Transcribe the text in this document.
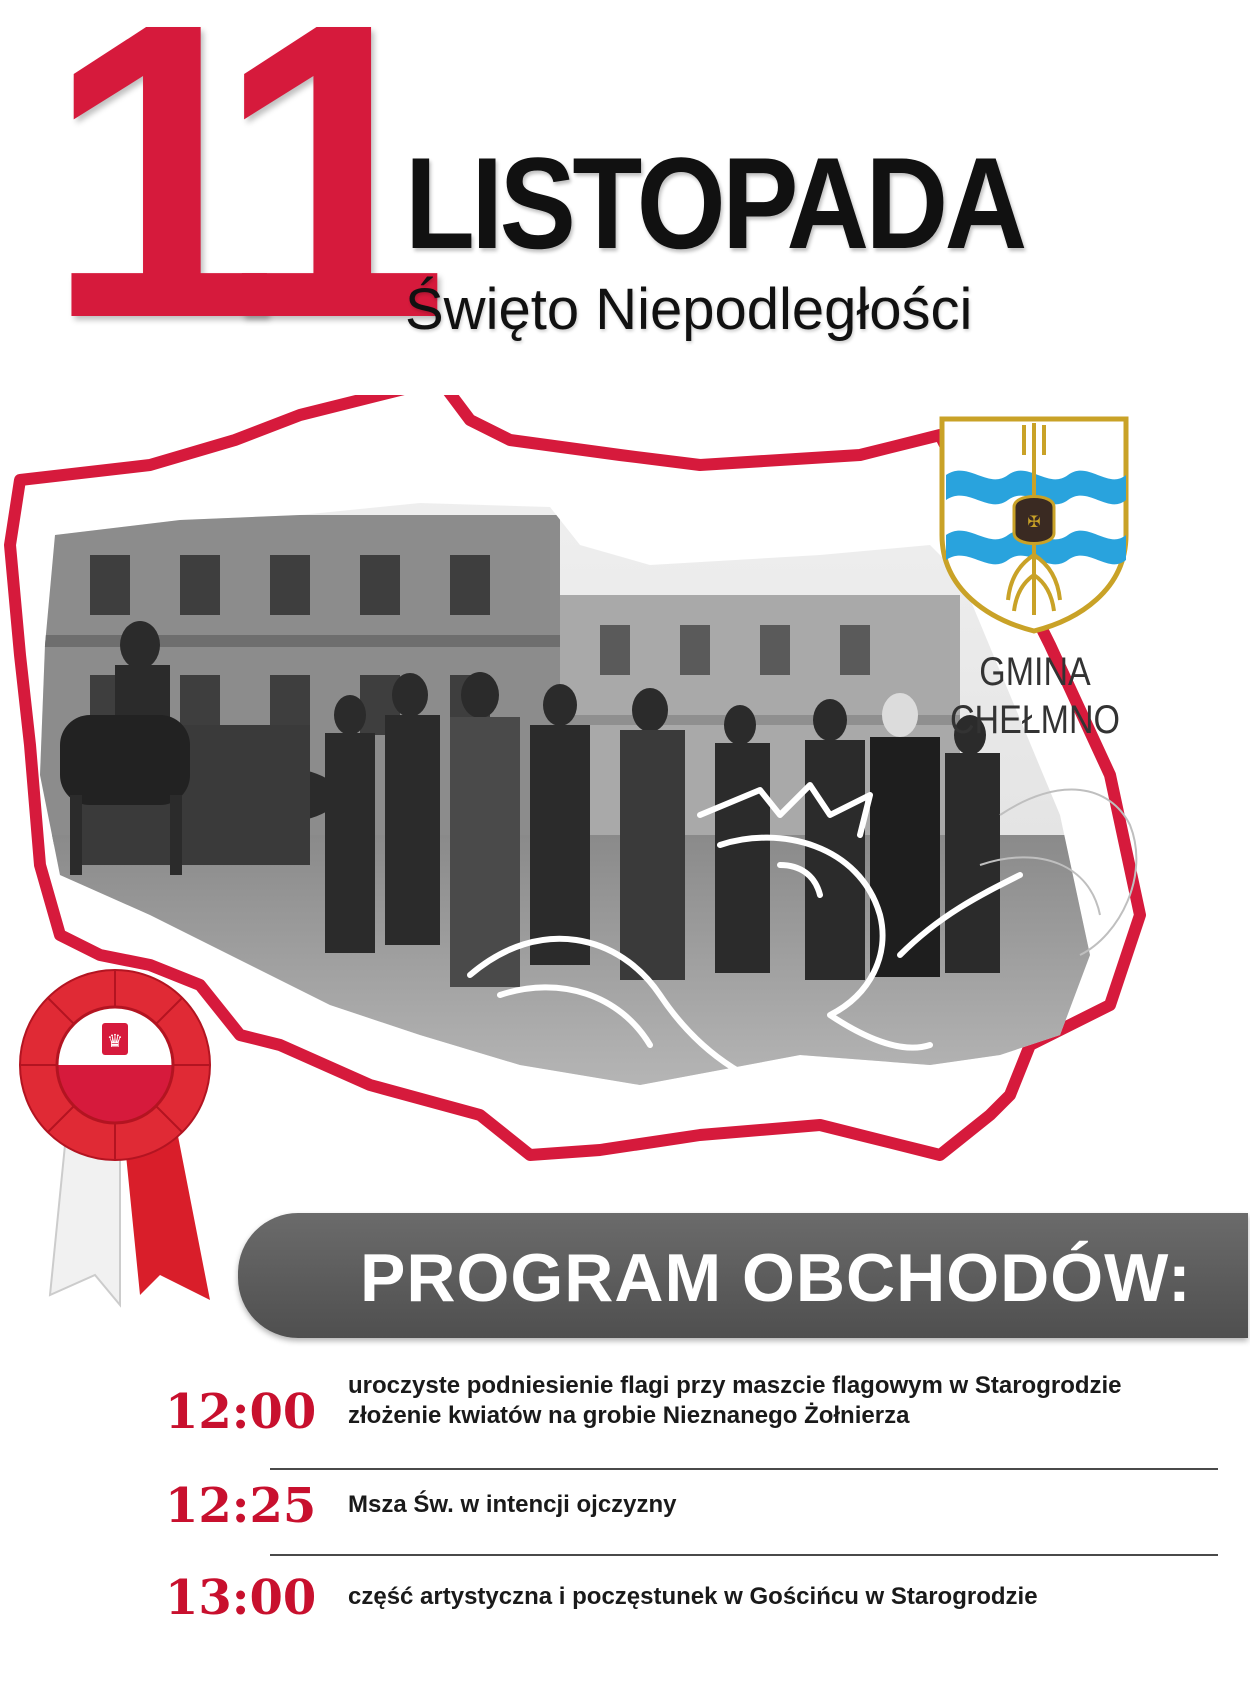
11
LISTOPADA
Święto Niepodległości
✠
GMINA
CHEŁMNO
♛
PROGRAM OBCHODÓW:
12:00 uroczyste podniesienie flagi przy maszcie flagowym w Starogrodzie
złożenie kwiatów na grobie Nieznanego Żołnierza
12:25 Msza Św. w intencji ojczyzny
13:00 część artystyczna i poczęstunek w Gościńcu w Starogrodzie
